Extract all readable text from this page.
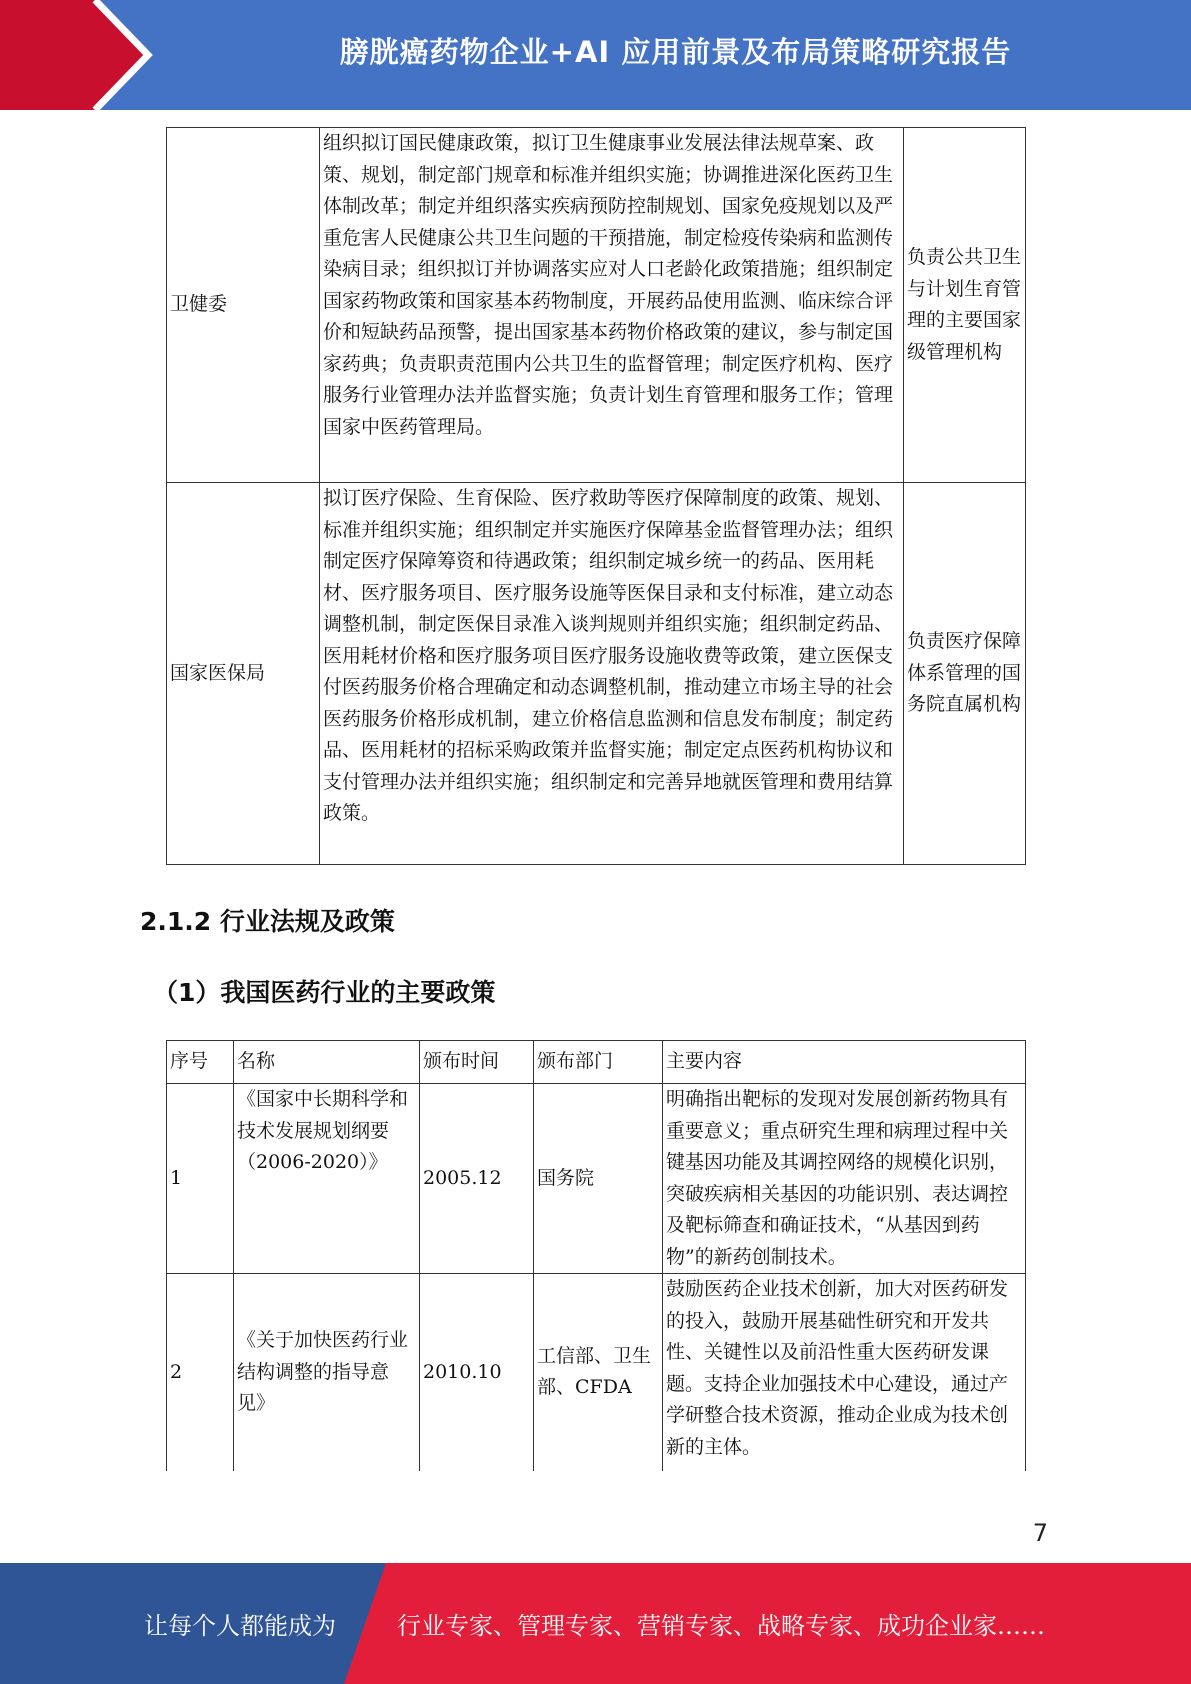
膀胱癌药物企业+AI 应用前景及布局策略研究报告
卫健委	组织拟订国民健康政策，拟订卫生健康事业发展法律法规草案、政策、规划，制定部门规章和标准并组织实施；协调推进深化医药卫生体制改革；制定并组织落实疾病预防控制规划、国家免疫规划以及严重危害人民健康公共卫生问题的干预措施，制定检疫传染病和监测传染病目录；组织拟订并协调落实应对人口老龄化政策措施；组织制定国家药物政策和国家基本药物制度，开展药品使用监测、临床综合评价和短缺药品预警，提出国家基本药物价格政策的建议，参与制定国家药典；负责职责范围内公共卫生的监督管理；制定医疗机构、医疗服务行业管理办法并监督实施；负责计划生育管理和服务工作；管理国家中医药管理局。	负责公共卫生与计划生育管理的主要国家级管理机构
国家医保局	拟订医疗保险、生育保险、医疗救助等医疗保障制度的政策、规划、标准并组织实施；组织制定并实施医疗保障基金监督管理办法；组织制定医疗保障筹资和待遇政策；组织制定城乡统一的药品、医用耗材、医疗服务项目、医疗服务设施等医保目录和支付标准，建立动态调整机制，制定医保目录准入谈判规则并组织实施；组织制定药品、医用耗材价格和医疗服务项目医疗服务设施收费等政策，建立医保支付医药服务价格合理确定和动态调整机制，推动建立市场主导的社会医药服务价格形成机制，建立价格信息监测和信息发布制度；制定药品、医用耗材的招标采购政策并监督实施；制定定点医药机构协议和支付管理办法并组织实施；组织制定和完善异地就医管理和费用结算政策。	负责医疗保障体系管理的国务院直属机构
2.1.2 行业法规及政策
（1）我国医药行业的主要政策
序号	名称	颁布时间	颁布部门	主要内容
1	《国家中长期科学和技术发展规划纲要（2006-2020）》	2005.12	国务院	明确指出靶标的发现对发展创新药物具有重要意义；重点研究生理和病理过程中关键基因功能及其调控网络的规模化识别，突破疾病相关基因的功能识别、表达调控及靶标筛查和确证技术，“从基因到药物”的新药创制技术。
2	《关于加快医药行业结构调整的指导意见》	2010.10	工信部、卫生部、CFDA	鼓励医药企业技术创新，加大对医药研发的投入，鼓励开展基础性研究和开发共性、关键性以及前沿性重大医药研发课题。支持企业加强技术中心建设，通过产学研整合技术资源，推动企业成为技术创新的主体。
7
让每个人都能成为	行业专家、管理专家、营销专家、战略专家、成功企业家……
